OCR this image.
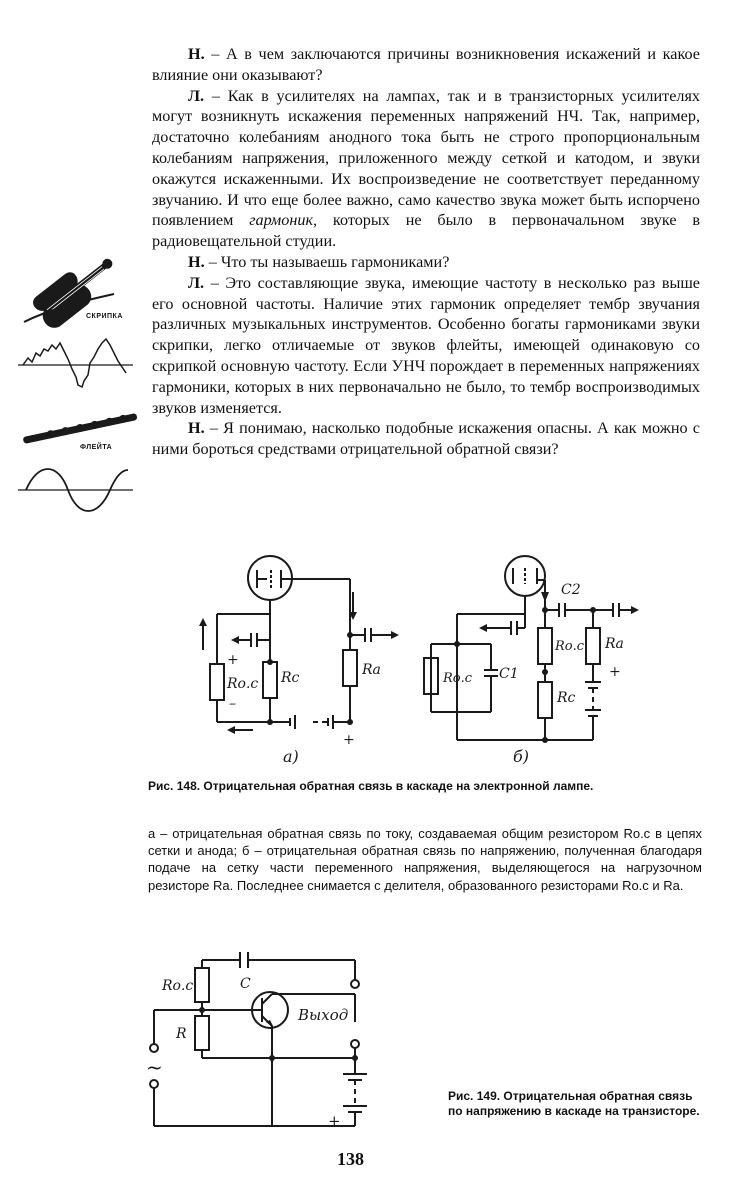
Н. – А в чем заключаются причины возникновения искажений и какое влияние они оказывают?

Л. – Как в усилителях на лампах, так и в транзисторных усилителях могут возникнуть искажения переменных напряжений НЧ. Так, например, достаточно колебаниям анодного тока быть не строго пропорциональным колебаниям напряжения, приложенного между сеткой и катодом, и звуки окажутся искаженными. Их воспроизведение не соответствует переданному звучанию. И что еще более важно, само качество звука может быть испорчено появлением гармоник, которых не было в первоначальном звуке в радиовещательной студии.

Н. – Что ты называешь гармониками?

Л. – Это составляющие звука, имеющие частоту в несколько раз выше его основной частоты. Наличие этих гармоник определяет тембр звучания различных музыкальных инструментов. Особенно богаты гармониками звуки скрипки, легко отличаемые от звуков флейты, имеющей одинаковую со скрипкой основную частоту. Если УНЧ порождает в переменных напряжениях гармоники, которых в них первоначально не было, то тембр воспроизводимых звуков изменяется.

Н. – Я понимаю, насколько подобные искажения опасны. А как можно с ними бороться средствами отрицательной обратной связи?

СКРИПКА
ФЛЕЙТА
Rо.с Rс	Rа
+
–
+
а)
Rо.с C1
C2
Rо.с Rа
Rс
+
б)
Рис. 148. Отрицательная обратная связь в каскаде на электронной лампе.

а – отрицательная обратная связь по току, создаваемая общим резистором Rо.с в цепях сетки и анода; б – отрицательная обратная связь по напряжению, полученная благодаря подаче на сетку части переменного напряжения, выделяющегося на нагрузочном резисторе Rа. Последнее снимается с делителя, образованного резисторами Rо.с и Rа.

Rо.с	C
R
Выход
~
+
Рис. 149. Отрицательная обратная связь по напряжению в каскаде на транзисторе.
138
